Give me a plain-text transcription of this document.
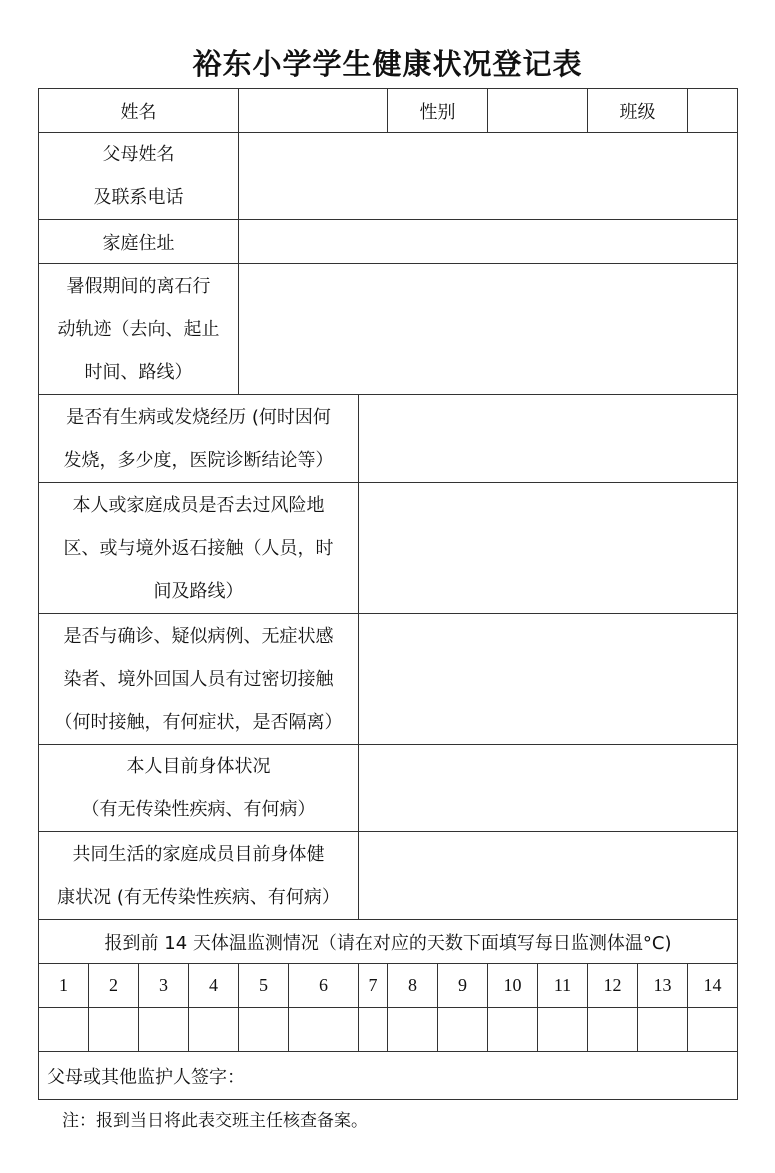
裕东小学学生健康状况登记表
姓名							性别				班级		

父母姓名
及联系电话													

家庭住址													

暑假期间的离石行
动轨迹（去向、起止
时间、路线）													

是否有生病或发烧经历 (何时因何
发烧，多少度，医院诊断结论等）													

本人或家庭成员是否去过风险地
区、或与境外返石接触（人员，时
间及路线）													

是否与确诊、疑似病例、无症状感
染者、境外回国人员有过密切接触
（何时接触，有何症状，是否隔离）													

本人目前身体状况
（有无传染性疾病、有何病）													

共同生活的家庭成员目前身体健
康状况 (有无传染性疾病、有何病）													

报到前 14 天体温监测情况（请在对应的天数下面填写每日监测体温°C)													
1	2	3	4	5	6	7	8	9	10	11	12	13	14

父母或其他监护人签字：													
注：报到当日将此表交班主任核查备案。
